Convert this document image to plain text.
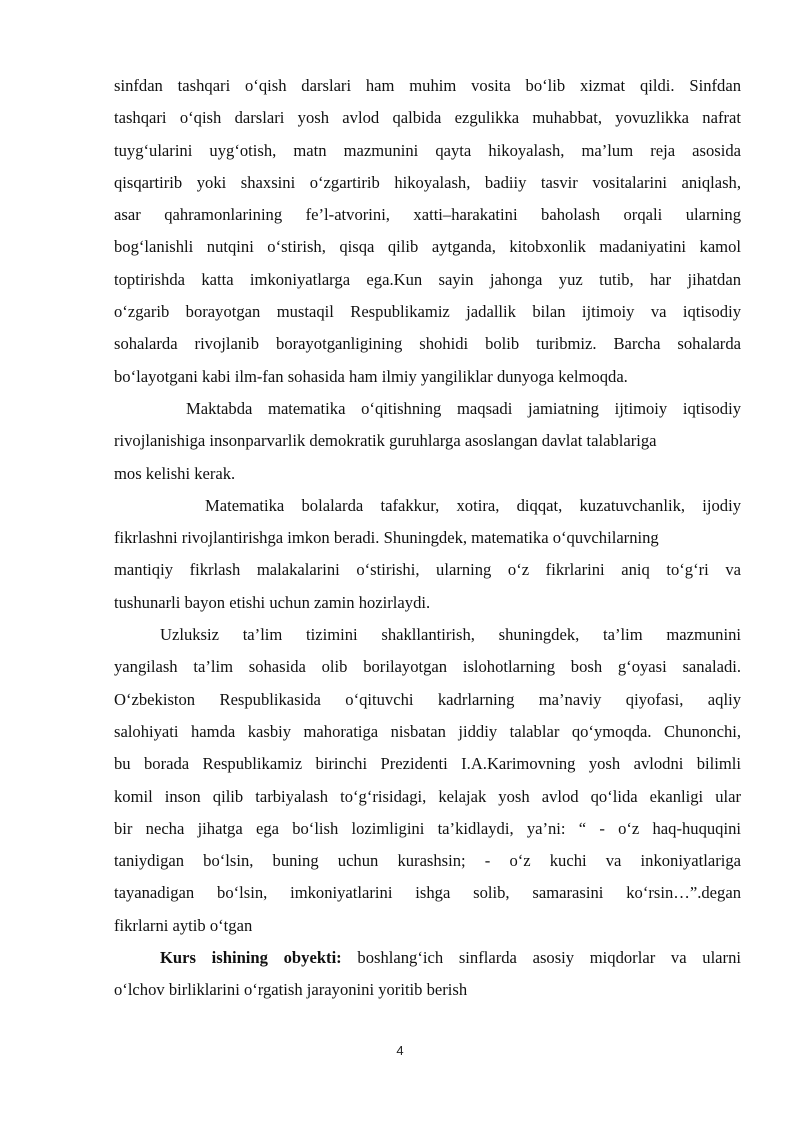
sinfdan tashqari o‘qish darslari ham muhim vosita bo‘lib xizmat qildi. Sinfdan

tashqari o‘qish darslari yosh avlod qalbida ezgulikka muhabbat, yovuzlikka nafrat

tuyg‘ularini uyg‘otish, matn mazmunini qayta hikoyalash, ma’lum reja asosida

qisqartirib yoki shaxsini o‘zgartirib hikoyalash, badiiy tasvir vositalarini aniqlash,

asar qahramonlarining fe’l-atvorini, xatti–harakatini baholash orqali ularning

bog‘lanishli nutqini o‘stirish, qisqa qilib aytganda, kitobxonlik madaniyatini kamol

toptirishda katta imkoniyatlarga ega.Kun sayin jahonga yuz tutib, har jihatdan

o‘zgarib borayotgan mustaqil Respublikamiz jadallik bilan ijtimoiy va iqtisodiy

sohalarda rivojlanib borayotganligining shohidi bolib turibmiz. Barcha sohalarda

bo‘layotgani kabi ilm-fan sohasida ham ilmiy yangiliklar dunyoga kelmoqda.

Maktabda matematika o‘qitishning maqsadi jamiatning ijtimoiy iqtisodiy

rivojlanishiga insonparvarlik demokratik guruhlarga asoslangan davlat talablariga

mos kelishi kerak.

Matematika bolalarda tafakkur, xotira, diqqat, kuzatuvchanlik, ijodiy

fikrlashni rivojlantirishga imkon beradi. Shuningdek, matematika o‘quvchilarning

mantiqiy fikrlash malakalarini o‘stirishi, ularning o‘z fikrlarini aniq to‘g‘ri va

tushunarli bayon etishi uchun zamin hozirlaydi.

Uzluksiz ta’lim tizimini shakllantirish, shuningdek, ta’lim mazmunini

yangilash ta’lim sohasida olib borilayotgan islohotlarning bosh g‘oyasi sanaladi.

O‘zbekiston Respublikasida o‘qituvchi kadrlarning ma’naviy qiyofasi, aqliy

salohiyati hamda kasbiy mahoratiga nisbatan jiddiy talablar qo‘ymoqda. Chunonchi,

bu borada Respublikamiz birinchi Prezidenti I.A.Karimovning yosh avlodni bilimli

komil inson qilib tarbiyalash to‘g‘risidagi, kelajak yosh avlod qo‘lida ekanligi ular

bir necha jihatga ega bo‘lish lozimligini ta’kidlaydi, ya’ni: “ - o‘z haq-huquqini

taniydigan bo‘lsin, buning uchun kurashsin; - o‘z kuchi va inkoniyatlariga

tayanadigan bo‘lsin, imkoniyatlarini ishga solib, samarasini ko‘rsin…”.degan

fikrlarni aytib o‘tgan

Kurs ishining obyekti: boshlang‘ich sinflarda asosiy miqdorlar va ularni

o‘lchov birliklarini o‘rgatish jarayonini yoritib berish

4
